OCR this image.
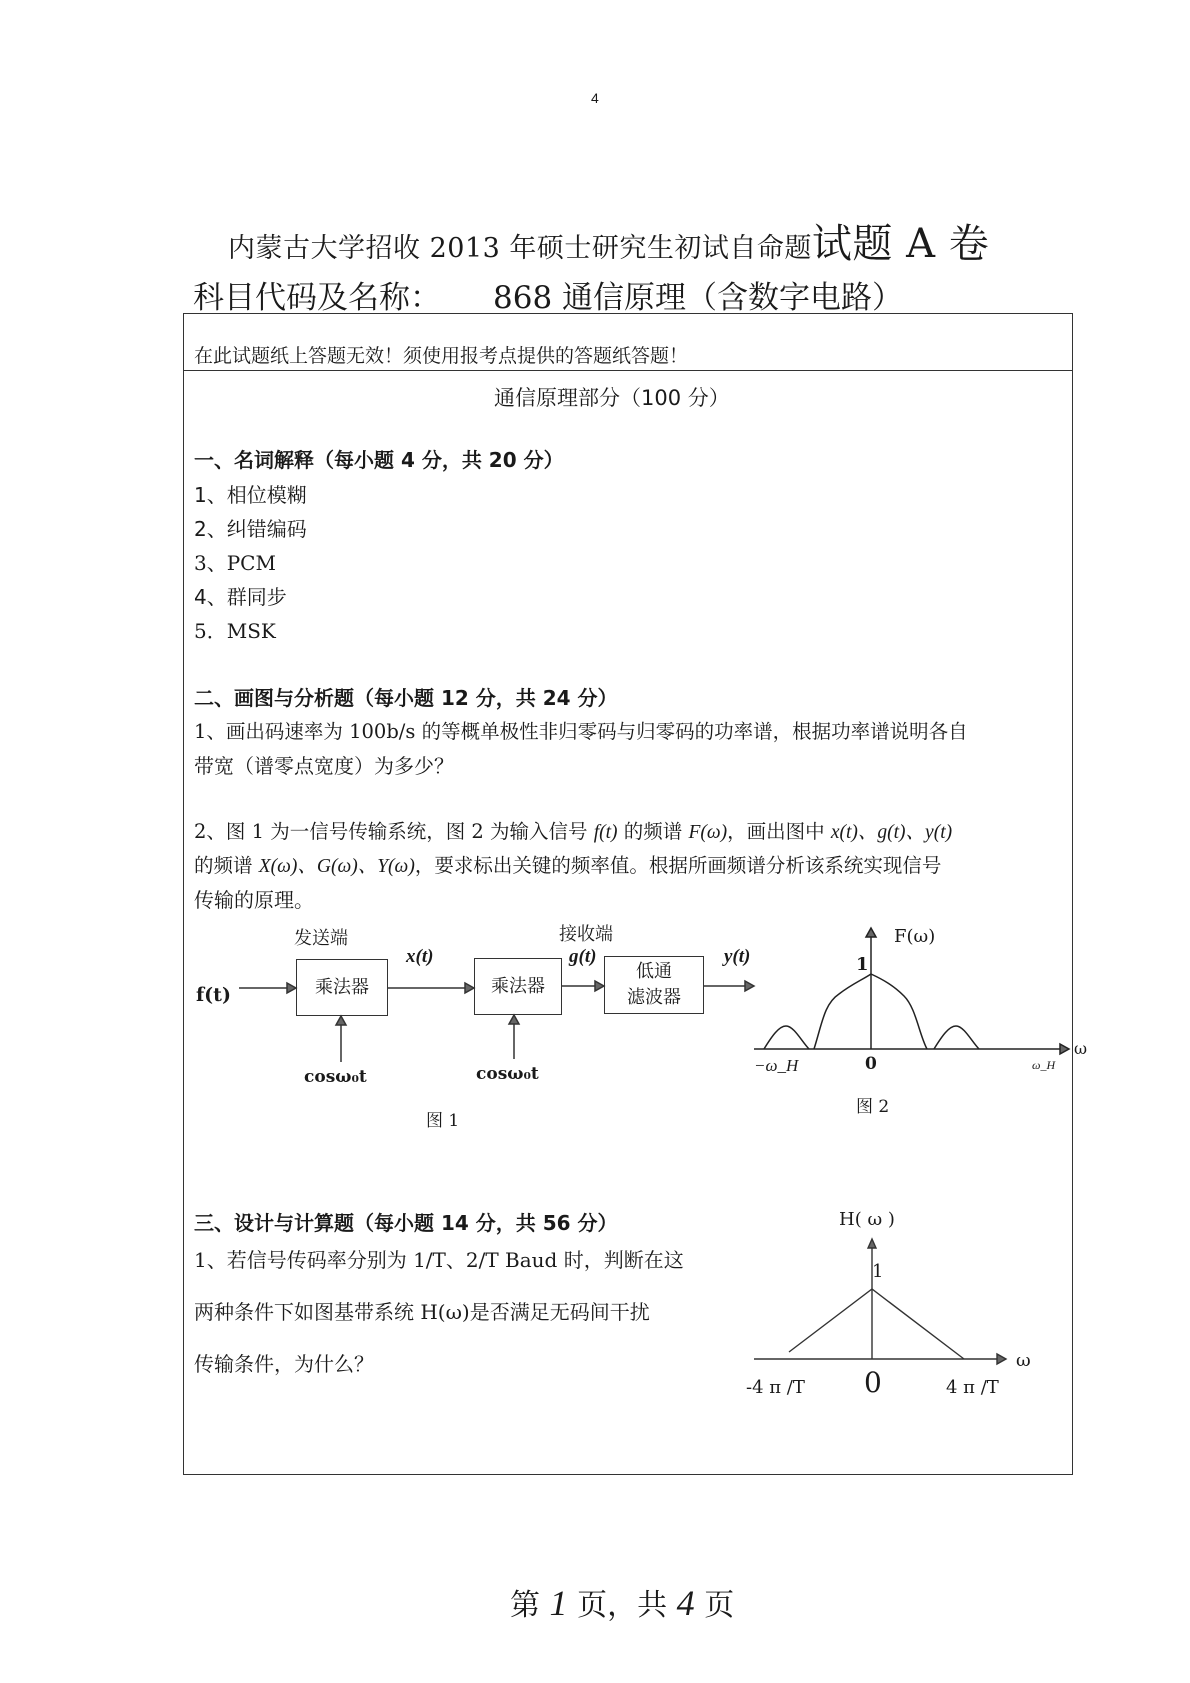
4
内蒙古大学招收 2013 年硕士研究生初试自命题试题 A 卷
科目代码及名称： 868 通信原理（含数字电路）
在此试题纸上答题无效！须使用报考点提供的答题纸答题！
通信原理部分（100 分）
一、名词解释（每小题 4 分，共 20 分）
1、相位模糊
2、纠错编码
3、PCM
4、群同步
5．MSK
二、画图与分析题（每小题 12 分，共 24 分）
1、画出码速率为 100b/s 的等概单极性非归零码与归零码的功率谱，根据功率谱说明各自
带宽（谱零点宽度）为多少？
2、图 1 为一信号传输系统，图 2 为输入信号 f(t) 的频谱 F(ω)，画出图中 x(t)、g(t)、y(t)
的频谱 X(ω)、G(ω)、Y(ω)，要求标出关键的频率值。根据所画频谱分析该系统实现信号
传输的原理。
发送端	接收端
f(t)	乘法器	乘法器
低通
滤波器
x(t)	g(t)	y(t)
cosω₀t	cosω₀t
图 1
F(ω)
1
ω
−ω_H	0	ω_H
图 2
三、设计与计算题（每小题 14 分，共 56 分）
1、若信号传码率分别为 1/T、2/T Baud 时，判断在这
两种条件下如图基带系统 H(ω)是否满足无码间干扰
传输条件，为什么？
H( ω )
1
ω
-4 π /T 0	4 π /T
第 1 页，共 4 页
